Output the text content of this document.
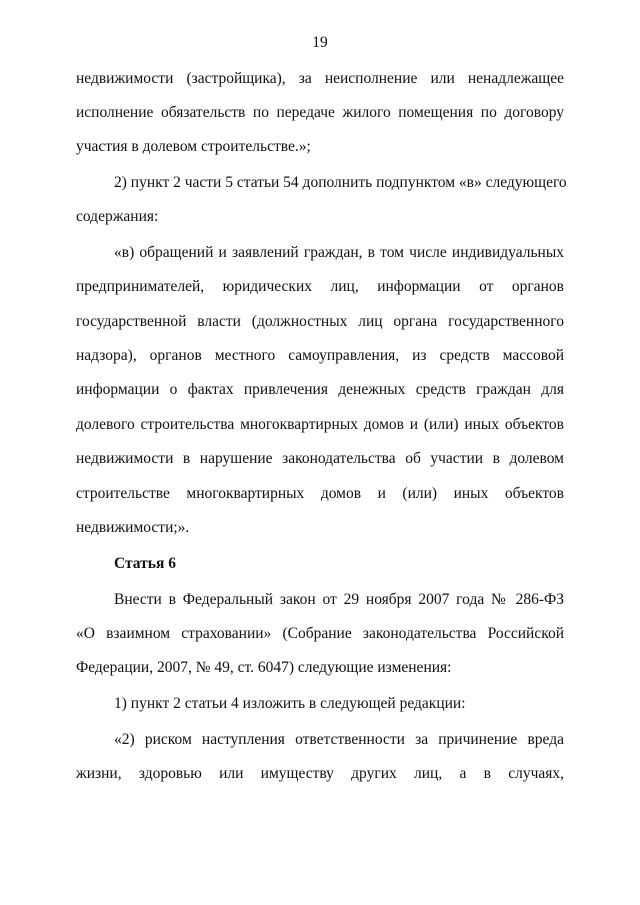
19
недвижимости (застройщика), за неисполнение или ненадлежащее
исполнение обязательств по передаче жилого помещения по договору
участия в долевом строительстве.»;
2) пункт 2 части 5 статьи 54 дополнить подпунктом «в» следующего
содержания:
«в) обращений и заявлений граждан, в том числе индивидуальных
предпринимателей, юридических лиц, информации от органов
государственной власти (должностных лиц органа государственного
надзора), органов местного самоуправления, из средств массовой
информации о фактах привлечения денежных средств граждан для
долевого строительства многоквартирных домов и (или) иных объектов
недвижимости в нарушение законодательства об участии в долевом
строительстве многоквартирных домов и (или) иных объектов
недвижимости;».
Статья 6
Внести в Федеральный закон от 29 ноября 2007 года № 286-ФЗ
«О взаимном страховании» (Собрание законодательства Российской
Федерации, 2007, № 49, ст. 6047) следующие изменения:
1) пункт 2 статьи 4 изложить в следующей редакции:
«2) риском наступления ответственности за причинение вреда
жизни, здоровью или имуществу других лиц, а в случаях,
